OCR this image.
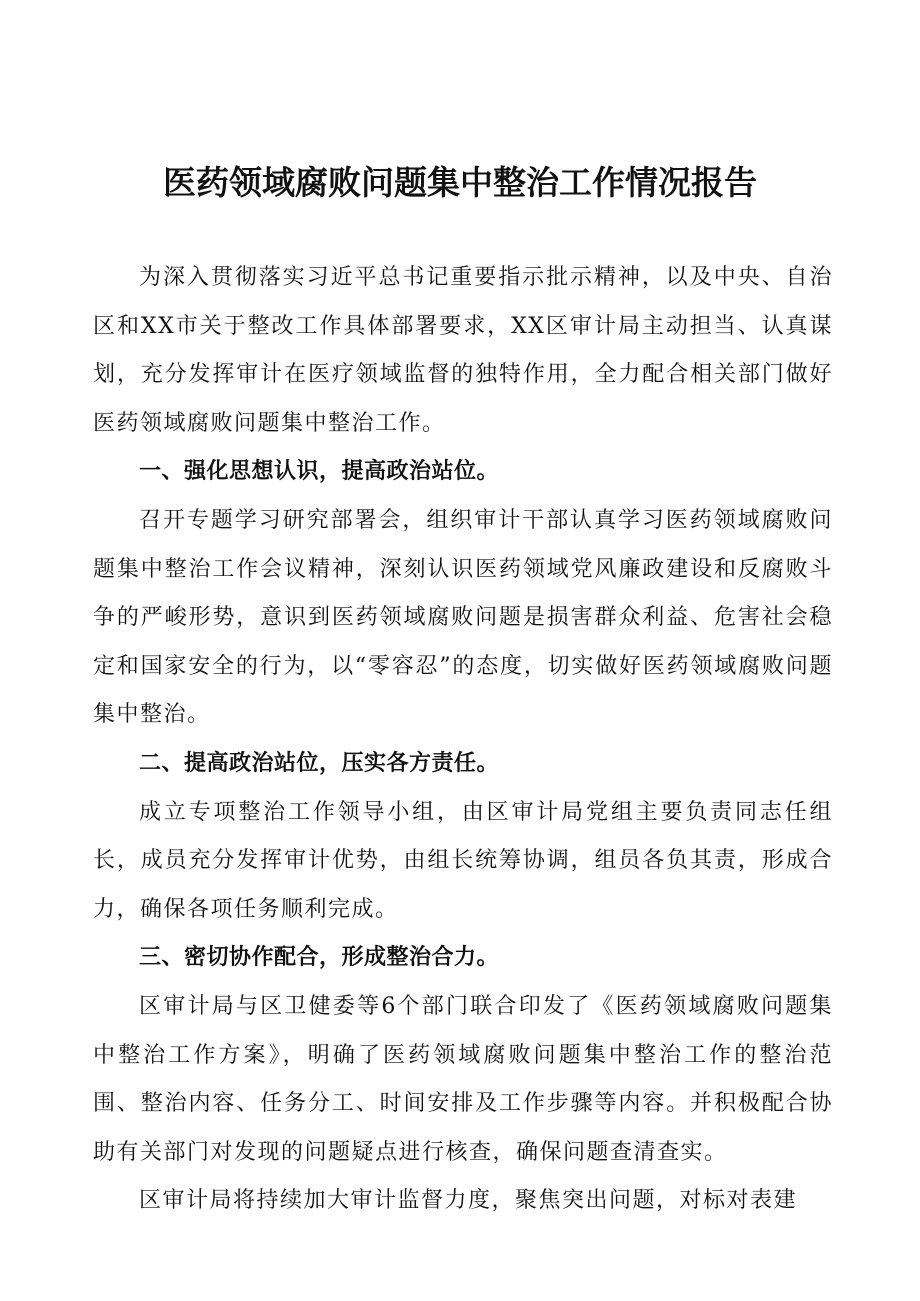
医药领域腐败问题集中整治工作情况报告

为深入贯彻落实习近平总书记重要指示批示精神，以及中央、自治区和XX市关于整改工作具体部署要求，XX区审计局主动担当、认真谋划，充分发挥审计在医疗领域监督的独特作用，全力配合相关部门做好医药领域腐败问题集中整治工作。

一、强化思想认识，提高政治站位。

召开专题学习研究部署会，组织审计干部认真学习医药领域腐败问题集中整治工作会议精神，深刻认识医药领域党风廉政建设和反腐败斗争的严峻形势，意识到医药领域腐败问题是损害群众利益、危害社会稳定和国家安全的行为，以“零容忍”的态度，切实做好医药领域腐败问题集中整治。

二、提高政治站位，压实各方责任。

成立专项整治工作领导小组，由区审计局党组主要负责同志任组长，成员充分发挥审计优势，由组长统筹协调，组员各负其责，形成合力，确保各项任务顺利完成。

三、密切协作配合，形成整治合力。

区审计局与区卫健委等6个部门联合印发了《医药领域腐败问题集中整治工作方案》，明确了医药领域腐败问题集中整治工作的整治范围、整治内容、任务分工、时间安排及工作步骤等内容。并积极配合协助有关部门对发现的问题疑点进行核查，确保问题查清查实。

区审计局将持续加大审计监督力度，聚焦突出问题，对标对表建
